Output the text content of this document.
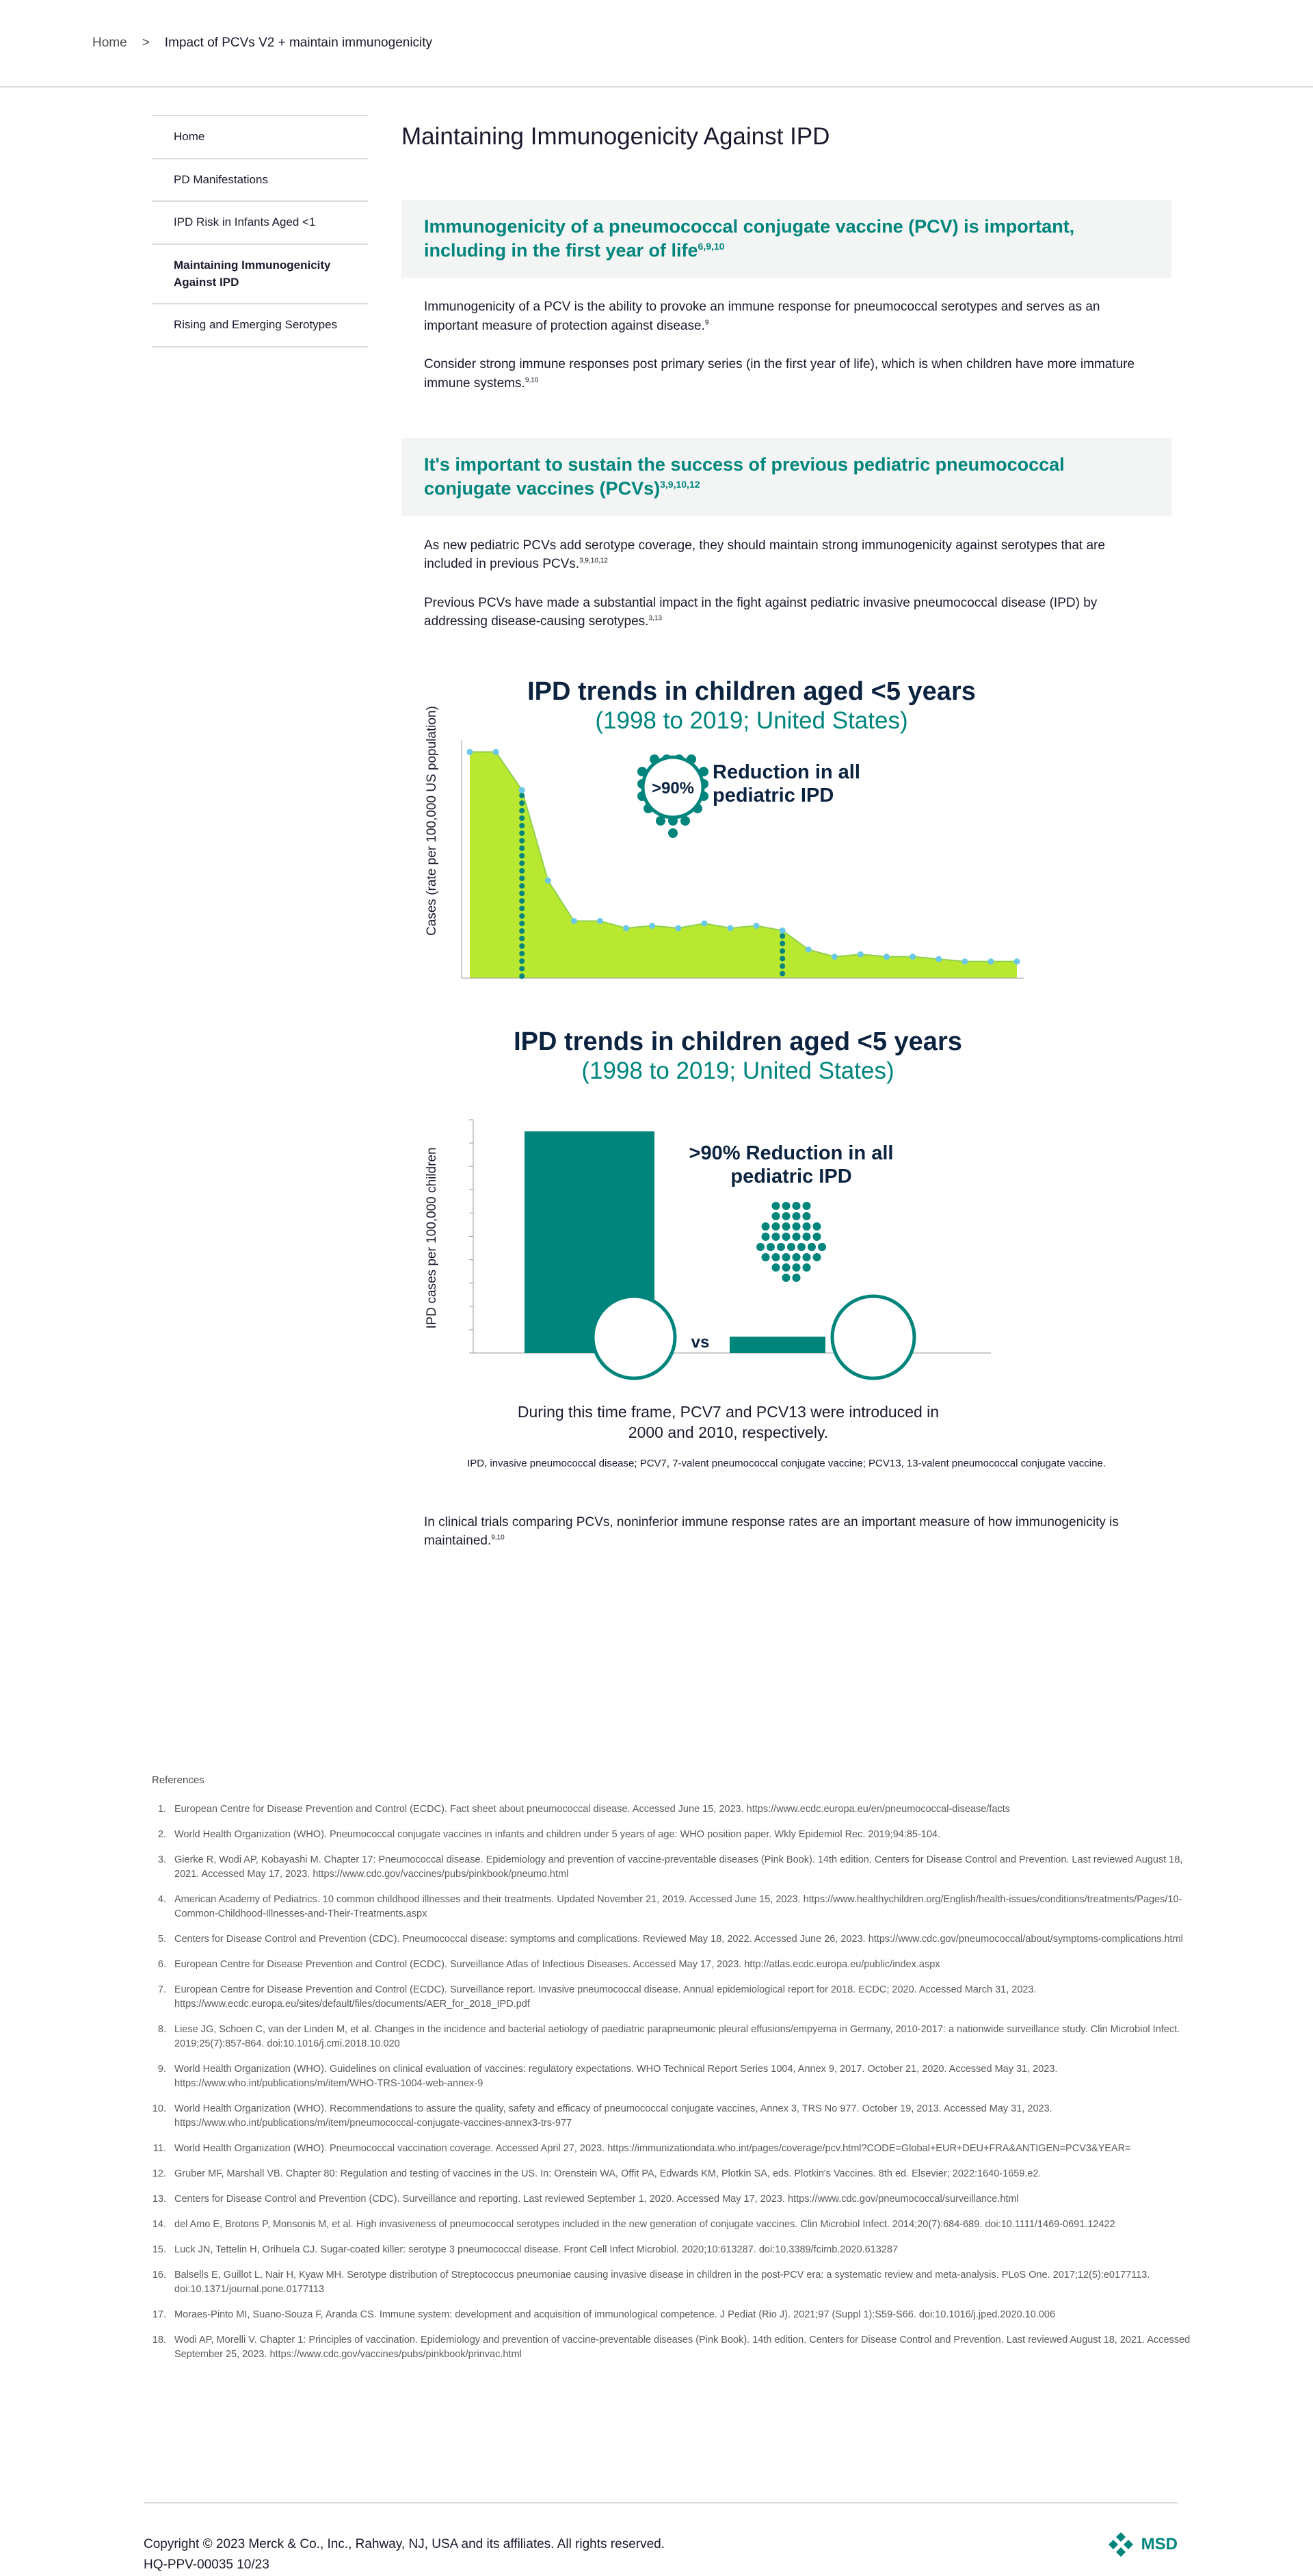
Home > Impact of PCVs V2 + maintain immunogenicity
Home
PD Manifestations
IPD Risk in Infants Aged <1
Maintaining Immunogenicity Against IPD
Rising and Emerging Serotypes
Maintaining Immunogenicity Against IPD
Immunogenicity of a pneumococcal conjugate vaccine (PCV) is important, including in the first year of life$^{6,9,10}$

Immunogenicity of a PCV is the ability to provoke an immune response for pneumococcal serotypes and serves as an important measure of protection against disease.$^9$

Consider strong immune responses post primary series (in the first year of life), which is when children have more immature immune systems.$^{9,10}$

It's important to sustain the success of previous pediatric pneumococcal conjugate vaccines (PCVs)$^{3,9,10,12}$

As new pediatric PCVs add serotype coverage, they should maintain strong immunogenicity against serotypes that are included in previous PCVs.$^{3,9,10,12}$

Previous PCVs have made a substantial impact in the fight against pediatric invasive pneumococcal disease (IPD) by addressing disease-causing serotypes.$^{3,13}$

IPD trends in children aged <5 years
(1998 to 2019; United States)
Cases (rate per 100,000 US population)	>90%
Reduction in all
pediatric IPD
IPD trends in children aged <5 years
(1998 to 2019; United States)
IPD cases per 100,000 children	>90% Reduction in all
pediatric IPD
vs
During this time frame, PCV7 and PCV13 were introduced in
2000 and 2010, respectively.

IPD, invasive pneumococcal disease; PCV7, 7-valent pneumococcal conjugate vaccine; PCV13, 13-valent pneumococcal conjugate vaccine.

In clinical trials comparing PCVs, noninferior immune response rates are an important measure of how immunogenicity is maintained.$^{9,10}$

References
1. European Centre for Disease Prevention and Control (ECDC). Fact sheet about pneumococcal disease. Accessed June 15, 2023. https://www.ecdc.europa.eu/en/pneumococcal-disease/facts
2. World Health Organization (WHO). Pneumococcal conjugate vaccines in infants and children under 5 years of age: WHO position paper. Wkly Epidemiol Rec. 2019;94:85-104.
3. Gierke R, Wodi AP, Kobayashi M. Chapter 17: Pneumococcal disease. Epidemiology and prevention of vaccine-preventable diseases (Pink Book). 14th edition. Centers for Disease Control and Prevention. Last reviewed August 18, 2021. Accessed May 17, 2023. https://www.cdc.gov/vaccines/pubs/pinkbook/pneumo.html
4. American Academy of Pediatrics. 10 common childhood illnesses and their treatments. Updated November 21, 2019. Accessed June 15, 2023. https://www.healthychildren.org/English/health-issues/conditions/treatments/Pages/10-Common-Childhood-Illnesses-and-Their-Treatments.aspx
5. Centers for Disease Control and Prevention (CDC). Pneumococcal disease: symptoms and complications. Reviewed May 18, 2022. Accessed June 26, 2023. https://www.cdc.gov/pneumococcal/about/symptoms-complications.html
6. European Centre for Disease Prevention and Control (ECDC). Surveillance Atlas of Infectious Diseases. Accessed May 17, 2023. http://atlas.ecdc.europa.eu/public/index.aspx
7. European Centre for Disease Prevention and Control (ECDC). Surveillance report. Invasive pneumococcal disease. Annual epidemiological report for 2018. ECDC; 2020. Accessed March 31, 2023. https://www.ecdc.europa.eu/sites/default/files/documents/AER_for_2018_IPD.pdf
8. Liese JG, Schoen C, van der Linden M, et al. Changes in the incidence and bacterial aetiology of paediatric parapneumonic pleural effusions/empyema in Germany, 2010-2017: a nationwide surveillance study. Clin Microbiol Infect. 2019;25(7):857-864. doi:10.1016/j.cmi.2018.10.020
9. World Health Organization (WHO). Guidelines on clinical evaluation of vaccines: regulatory expectations. WHO Technical Report Series 1004, Annex 9, 2017. October 21, 2020. Accessed May 31, 2023. https://www.who.int/publications/m/item/WHO-TRS-1004-web-annex-9
10. World Health Organization (WHO). Recommendations to assure the quality, safety and efficacy of pneumococcal conjugate vaccines, Annex 3, TRS No 977. October 19, 2013. Accessed May 31, 2023. https://www.who.int/publications/m/item/pneumococcal-conjugate-vaccines-annex3-trs-977
11. World Health Organization (WHO). Pneumococcal vaccination coverage. Accessed April 27, 2023. https://immunizationdata.who.int/pages/coverage/pcv.html?CODE=Global+EUR+DEU+FRA&ANTIGEN=PCV3&YEAR=
12. Gruber MF, Marshall VB. Chapter 80: Regulation and testing of vaccines in the US. In: Orenstein WA, Offit PA, Edwards KM, Plotkin SA, eds. Plotkin's Vaccines. 8th ed. Elsevier; 2022:1640-1659.e2.
13. Centers for Disease Control and Prevention (CDC). Surveillance and reporting. Last reviewed September 1, 2020. Accessed May 17, 2023. https://www.cdc.gov/pneumococcal/surveillance.html
14. del Amo E, Brotons P, Monsonis M, et al. High invasiveness of pneumococcal serotypes included in the new generation of conjugate vaccines. Clin Microbiol Infect. 2014;20(7):684-689. doi:10.1111/1469-0691.12422
15. Luck JN, Tettelin H, Orihuela CJ. Sugar-coated killer: serotype 3 pneumococcal disease. Front Cell Infect Microbiol. 2020;10:613287. doi:10.3389/fcimb.2020.613287
16. Balsells E, Guillot L, Nair H, Kyaw MH. Serotype distribution of Streptococcus pneumoniae causing invasive disease in children in the post-PCV era: a systematic review and meta-analysis. PLoS One. 2017;12(5):e0177113. doi:10.1371/journal.pone.0177113
17. Moraes-Pinto MI, Suano-Souza F, Aranda CS. Immune system: development and acquisition of immunological competence. J Pediat (Rio J). 2021;97 (Suppl 1):S59-S66. doi:10.1016/j.jped.2020.10.006
18. Wodi AP, Morelli V. Chapter 1: Principles of vaccination. Epidemiology and prevention of vaccine-preventable diseases (Pink Book). 14th edition. Centers for Disease Control and Prevention. Last reviewed August 18, 2021. Accessed September 25, 2023. https://www.cdc.gov/vaccines/pubs/pinkbook/prinvac.html
Copyright © 2023 Merck & Co., Inc., Rahway, NJ, USA and its affiliates. All rights reserved.
HQ-PPV-00035 10/23
MSD
